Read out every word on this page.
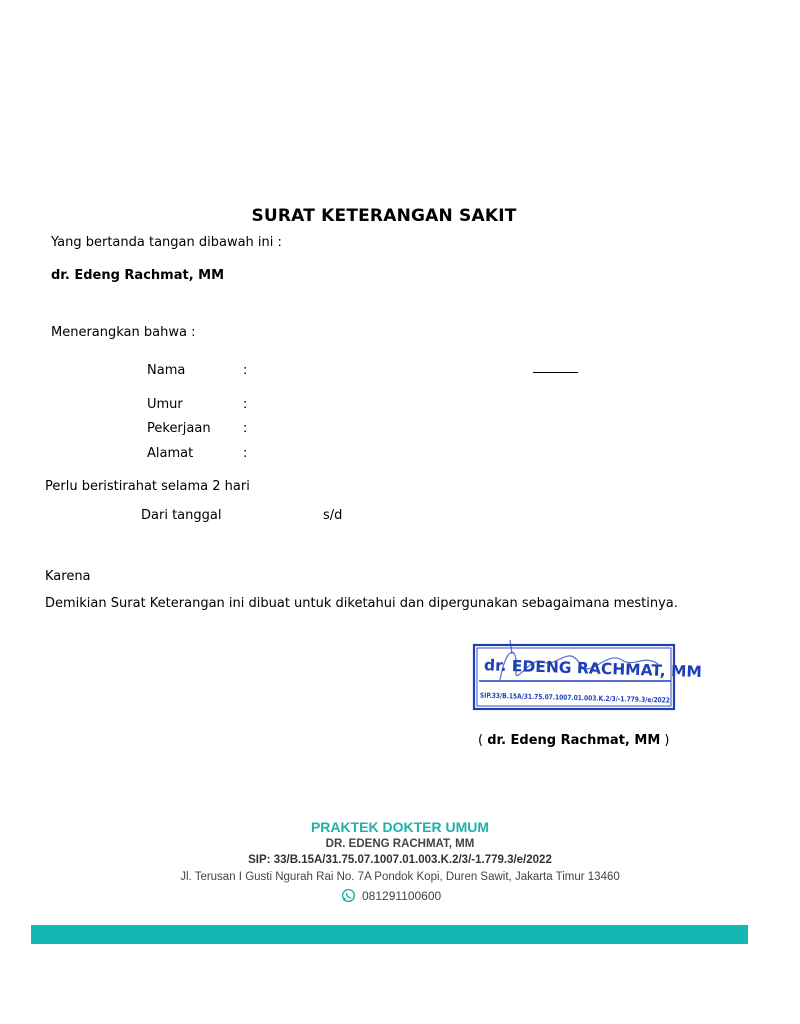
SURAT KETERANGAN SAKIT
Yang bertanda tangan dibawah ini :
dr. Edeng Rachmat, MM
Menerangkan bahwa :
Nama	:
Umur	:
Pekerjaan :
Alamat	:
Perlu beristirahat selama 2 hari
Dari tanggal	s/d
Karena
Demikian Surat Keterangan ini dibuat untuk diketahui dan dipergunakan sebagaimana mestinya.
dr. EDENG RACHMAT, MM
SIP.33/B.15A/31.75.07.1007.01.003.K.2/3/-1.779.3/e/2022
( dr. Edeng Rachmat, MM )
PRAKTEK DOKTER UMUM
DR. EDENG RACHMAT, MM
SIP: 33/B.15A/31.75.07.1007.01.003.K.2/3/-1.779.3/e/2022
Jl. Terusan I Gusti Ngurah Rai No. 7A Pondok Kopi, Duren Sawit, Jakarta Timur 13460
081291100600
